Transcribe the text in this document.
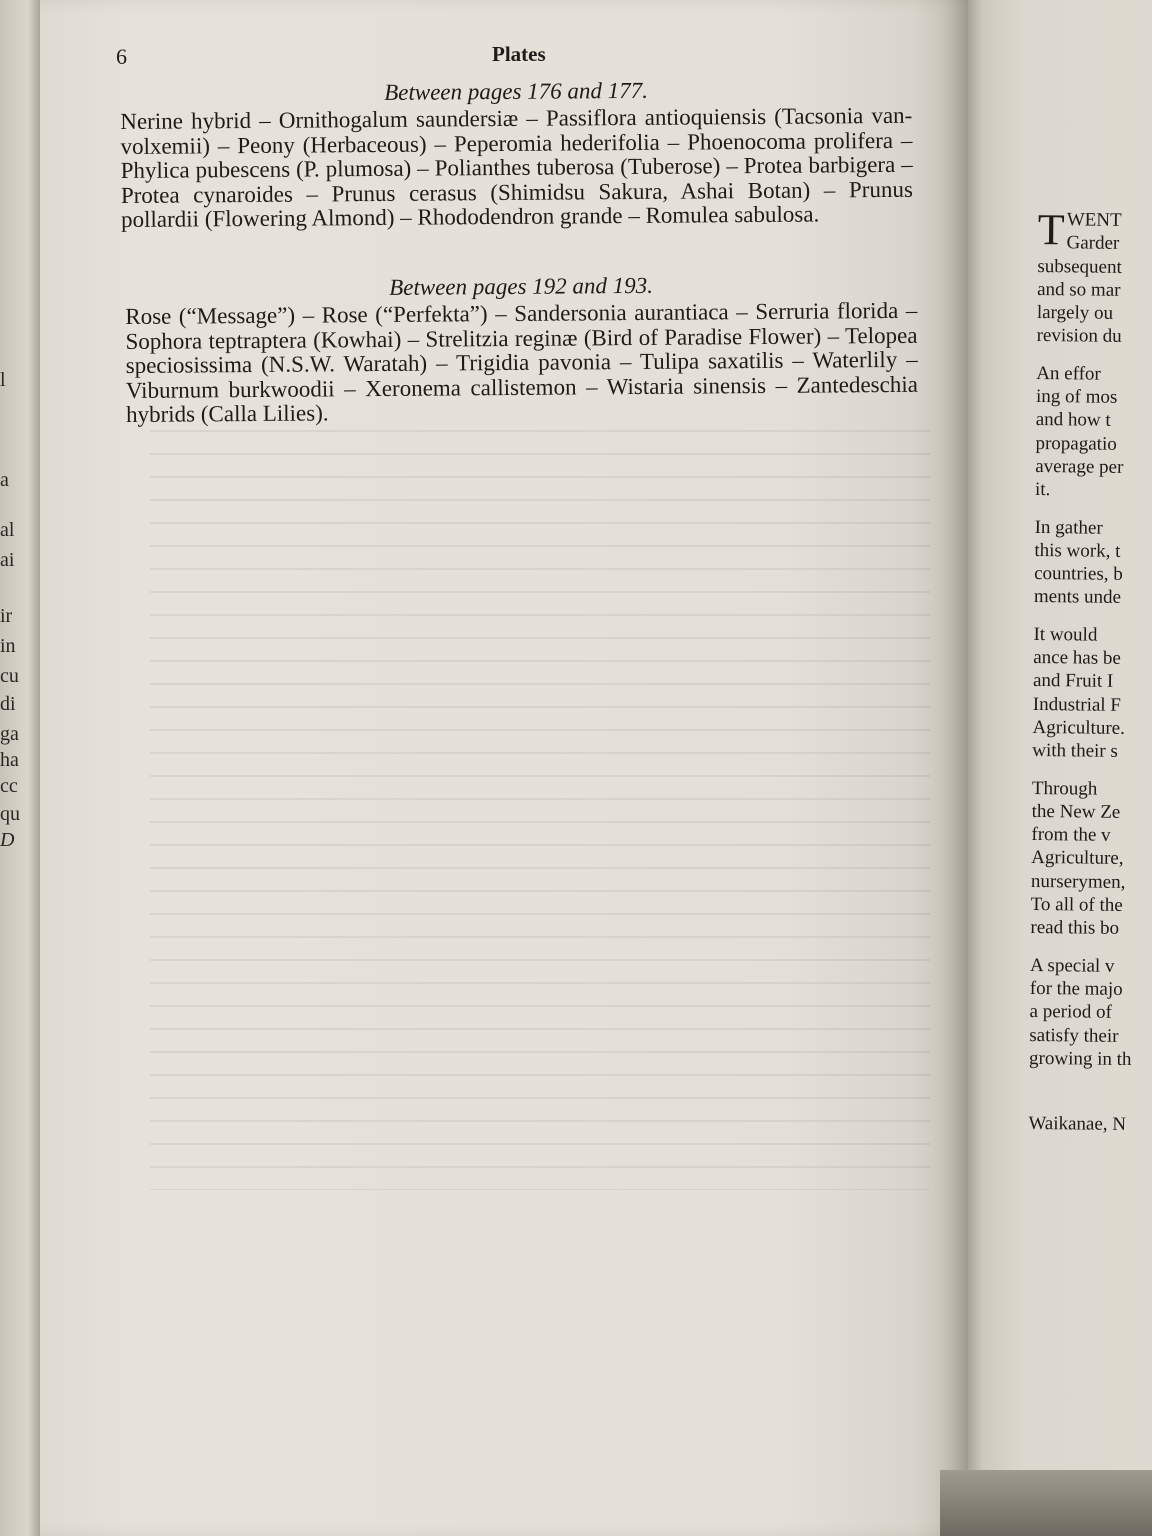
l
a
al
ai
ir
in
cu
di
ga
ha
cc
qu
D
6	Plates

Between pages 176 and 177.

Nerine hybrid – Ornithogalum saundersiæ – Passiflora antioquiensis (Tacsonia van-volxemii) – Peony (Herbaceous) – Peperomia hederifolia – Phoenocoma prolifera – Phylica pubescens (P. plumosa) – Polianthes tuberosa (Tuberose) – Protea barbigera – Protea cynaroides – Prunus cerasus (Shimidsu Sakura, Ashai Botan) – Prunus pollardii (Flowering Almond) – Rhododendron grande – Romulea sabulosa.

Between pages 192 and 193.

Rose (“Message”) – Rose (“Perfekta”) – Sandersonia aurantiaca – Serruria florida – Sophora teptraptera (Kowhai) – Strelitzia reginæ (Bird of Paradise Flower) – Telopea speciosissima (N.S.W. Waratah) – Trigidia pavonia – Tulipa saxatilis – Waterlily – Viburnum burkwoodii – Xeronema callistemon – Wistaria sinensis – Zantedeschia hybrids (Calla Lilies).

TWENT
Garder
subsequent
and so mar
largely ou
revision du
An effor
ing of mos
and how t
propagatio
average per
it.
In gather
this work, t
countries, b
ments unde
It would
ance has be
and Fruit I
Industrial F
Agriculture.
with their s
Through
the New Ze
from the v
Agriculture,
nurserymen,
To all of the
read this bo
A special v
for the majo
a period of
satisfy their
growing in th
Waikanae, N
